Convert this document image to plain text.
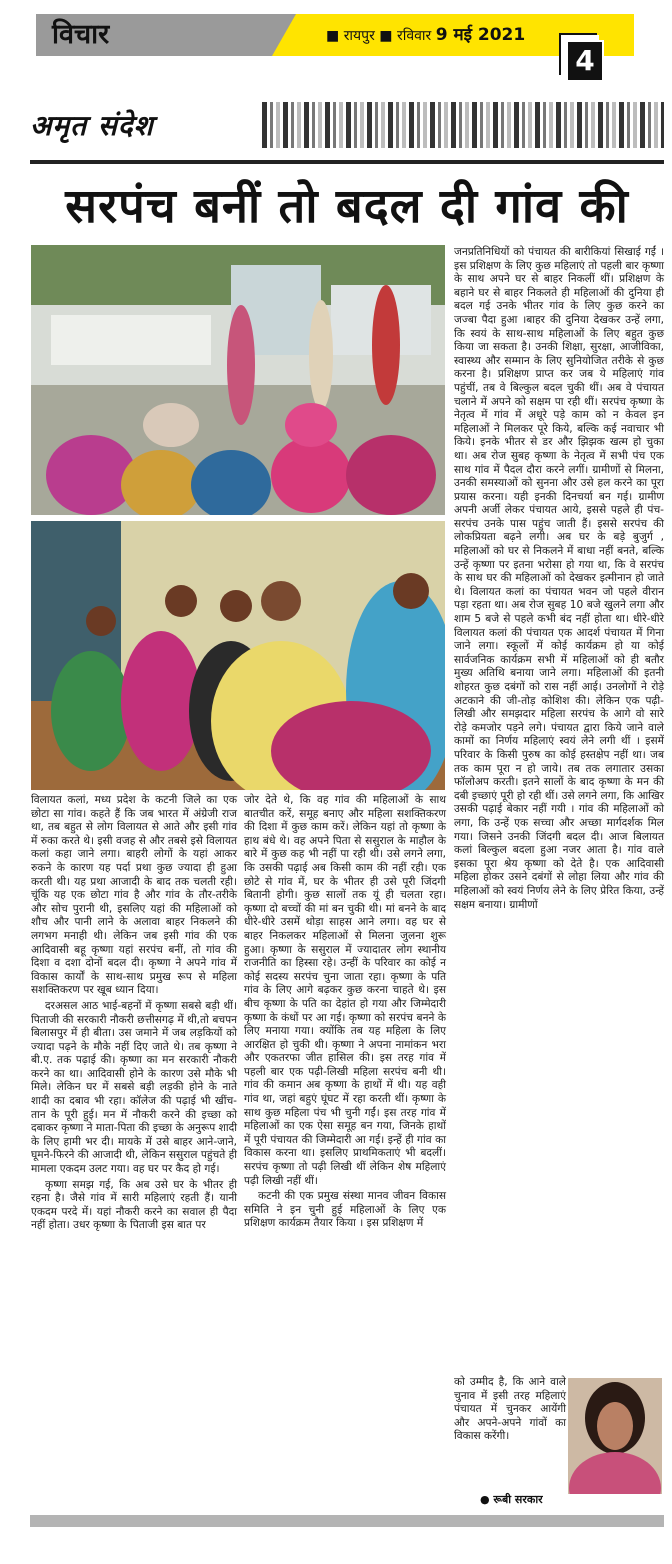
विचार	■ रायपुर ■ रविवार 9 मई 2021
4
अमृत संदेश
सरपंच बनीं तो बदल दी गांव की

विलायत कलां, मध्य प्रदेश के कटनी जिले का एक छोटा सा गांव। कहते हैं कि जब भारत में अंग्रेजी राज था, तब बहुत से लोग विलायत से आते और इसी गांव में रुका करते थे। इसी वजह से और तबसे इसे विलायत कलां कहा जाने लगा। बाहरी लोगों के यहां आकर रुकने के कारण यह पर्दा प्रथा कुछ ज्यादा ही हुआ करती थी। यह प्रथा आजादी के बाद तक चलती रही। चूंकि यह एक छोटा गांव है और गांव के तौर-तरीके और सोच पुरानी थी, इसलिए यहां की महिलाओं को शौच और पानी लाने के अलावा बाहर निकलने की लगभग मनाही थी। लेकिन जब इसी गांव की एक आदिवासी बहू कृष्णा यहां सरपंच बनीं, तो गांव की दिशा व दशा दोनों बदल दी। कृष्णा ने अपने गांव में विकास कार्यों के साथ-साथ प्रमुख रूप से महिला सशक्तिकरण पर खूब ध्यान दिया।

दरअसल आठ भाई-बहनों में कृष्णा सबसे बड़ी थीं। पिताजी की सरकारी नौकरी छत्तीसगढ़ में थी,तो बचपन बिलासपुर में ही बीता। उस जमाने में जब लड़कियों को ज्यादा पढ़ने के मौके नहीं दिए जाते थे। तब कृष्णा ने बी.ए. तक पढ़ाई की। कृष्णा का मन सरकारी नौकरी करने का था। आदिवासी होने के कारण उसे मौके भी मिले। लेकिन घर में सबसे बड़ी लड़की होने के नाते शादी का दबाव भी रहा। कॉलेज की पढ़ाई भी खींच-तान के पूरी हुई। मन में नौकरी करने की इच्छा को दबाकर कृष्णा ने माता-पिता की इच्छा के अनुरूप शादी के लिए हामी भर दी। मायके में उसे बाहर आने-जाने, घूमने-फिरने की आजादी थी, लेकिन ससुराल पहुंचते ही मामला एकदम उलट गया। वह घर पर कैद हो गई।

कृष्णा समझ गई, कि अब उसे घर के भीतर ही रहना है। जैसे गांव में सारी महिलाएं रहती हैं। यानी एकदम परदे में। यहां नौकरी करने का सवाल ही पैदा नहीं होता। उधर कृष्णा के पिताजी इस बात पर

जोर देते थे, कि वह गांव की महिलाओं के साथ बातचीत करें, समूह बनाए और महिला सशक्तिकरण की दिशा में कुछ काम करें। लेकिन यहां तो कृष्णा के हाथ बंधे थे। वह अपने पिता से ससुराल के माहौल के बारे में कुछ कह भी नहीं पा रही थी। उसे लगने लगा, कि उसकी पढ़ाई अब किसी काम की नहीं रही। एक छोटे से गांव में, घर के भीतर ही उसे पूरी जिंदगी बितानी होगी। कुछ सालों तक यूं ही चलता रहा। कृष्णा दो बच्चों की मां बन चुकी थी। मां बनने के बाद धीरे-धीरे उसमें थोड़ा साहस आने लगा। वह घर से बाहर निकलकर महिलाओं से मिलना जुलना शुरू हुआ। कृष्णा के ससुराल में ज्यादातर लोग स्थानीय राजनीति का हिस्सा रहे। उन्हीं के परिवार का कोई न कोई सदस्य सरपंच चुना जाता रहा। कृष्णा के पति गांव के लिए आगे बढ़कर कुछ करना चाहते थे। इस बीच कृष्णा के पति का देहांत हो गया और जिम्मेदारी कृष्णा के कंधों पर आ गई। कृष्णा को सरपंच बनने के लिए मनाया गया। क्योंकि तब यह महिला के लिए आरक्षित हो चुकी थी। कृष्णा ने अपना नामांकन भरा और एकतरफा जीत हासिल की। इस तरह गांव में पहली बार एक पढ़ी-लिखी महिला सरपंच बनी थी। गांव की कमान अब कृष्णा के हाथों में थी। यह वही गांव था, जहां बहुएं घूंघट में रहा करती थीं। कृष्णा के साथ कुछ महिला पंच भी चुनी गईं। इस तरह गांव में महिलाओं का एक ऐसा समूह बन गया, जिनके हाथों में पूरी पंचायत की जिम्मेदारी आ गई। इन्हें ही गांव का विकास करना था। इसलिए प्राथमिकताएं भी बदलीं। सरपंच कृष्णा तो पढ़ी लिखी थीं लेकिन शेष महिलाएं पढ़ी लिखी नहीं थीं।

कटनी की एक प्रमुख संस्था मानव जीवन विकास समिति ने इन चुनी हुई महिलाओं के लिए एक प्रशिक्षण कार्यक्रम तैयार किया । इस प्रशिक्षण में

जनप्रतिनिधियों को पंचायत की बारीकियां सिखाई गईं । इस प्रशिक्षण के लिए कुछ महिलाएं तो पहली बार कृष्णा के साथ अपने घर से बाहर निकलीं थीं। प्रशिक्षण के बहाने घर से बाहर निकलते ही महिलाओं की दुनिया ही बदल गई उनके भीतर गांव के लिए कुछ करने का जज्बा पैदा हुआ ।बाहर की दुनिया देखकर उन्हें लगा, कि स्वयं के साथ-साथ महिलाओं के लिए बहुत कुछ किया जा सकता है। उनकी शिक्षा, सुरक्षा, आजीविका, स्वास्थ्य और सम्मान के लिए सुनियोजित तरीके से कुछ करना है। प्रशिक्षण प्राप्त कर जब ये महिलाएं गांव पहुंचीं, तब वे बिल्कुल बदल चुकी थीं। अब वे पंचायत चलाने में अपने को सक्षम पा रही थीं। सरपंच कृष्णा के नेतृत्व में गांव में अधूरे पड़े काम को न केवल इन महिलाओं ने मिलकर पूरे किये, बल्कि कई नवाचार भी किये। इनके भीतर से डर और झिझक खत्म हो चुका था। अब रोज सुबह कृष्णा के नेतृत्व में सभी पंच एक साथ गांव में पैदल दौरा करने लगीं। ग्रामीणों से मिलना, उनकी समस्याओं को सुनना और उसे हल करने का पूरा प्रयास करना। यही इनकी दिनचर्या बन गई। ग्रामीण अपनी अर्जी लेकर पंचायत आये, इससे पहले ही पंच-सरपंच उनके पास पहुंच जाती हैं। इससे सरपंच की लोकप्रियता बढ़ने लगी। अब घर के बड़े बुजुर्ग , महिलाओं को घर से निकलने में बाधा नहीं बनते, बल्कि उन्हें कृष्णा पर इतना भरोसा हो गया था, कि वे सरपंच के साथ घर की महिलाओं को देखकर इत्मीनान हो जाते थे। विलायत कलां का पंचायत भवन जो पहले वीरान पड़ा रहता था। अब रोज सुबह 10 बजे खुलने लगा और शाम 5 बजे से पहले कभी बंद नहीं होता था। धीरे-धीरे विलायत कलां की पंचायत एक आदर्श पंचायत में गिना जाने लगा। स्कूलों में कोई कार्यक्रम हो या कोई सार्वजनिक कार्यक्रम सभी में महिलाओं को ही बतौर मुख्य अतिथि बनाया जाने लगा। महिलाओं की इतनी शोहरत कुछ दबंगों को रास नहीं आई। उनलोगों ने रोड़े अटकाने की जी-तोड़ कोशिश की। लेकिन एक पढ़ी-लिखी और समझदार महिला सरपंच के आगे वो सारे रोड़े कमजोर पड़ने लगे। पंचायत द्वारा किये जाने वाले कामों का निर्णय महिलाएं स्वयं लेने लगी थीं । इसमें परिवार के किसी पुरुष का कोई हस्तक्षेप नहीं था। जब तक काम पूरा न हो जाये। तब तक लगातार उसका फॉलोअप करती। इतने सालों के बाद कृष्णा के मन की दबी इच्छाएं पूरी हो रही थीं। उसे लगने लगा, कि आखिर उसकी पढ़ाई बेकार नहीं गयी । गांव की महिलाओं को लगा, कि उन्हें एक सच्चा और अच्छा मार्गदर्शक मिल गया। जिसने उनकी जिंदगी बदल दी। आज बिलायत कलां बिल्कुल बदला हुआ नजर आता है। गांव वाले इसका पूरा श्रेय कृष्णा को देते है। एक आदिवासी महिला होकर उसने दबंगों से लोहा लिया और गांव की महिलाओं को स्वयं निर्णय लेने के लिए प्रेरित किया, उन्हें सक्षम बनाया। ग्रामीणों

को उम्मीद है, कि आने वाले चुनाव में इसी तरह महिलाएं पंचायत में चुनकर आयेंगी और अपने-अपने गांवों का विकास करेंगी।

● रूबी सरकार
